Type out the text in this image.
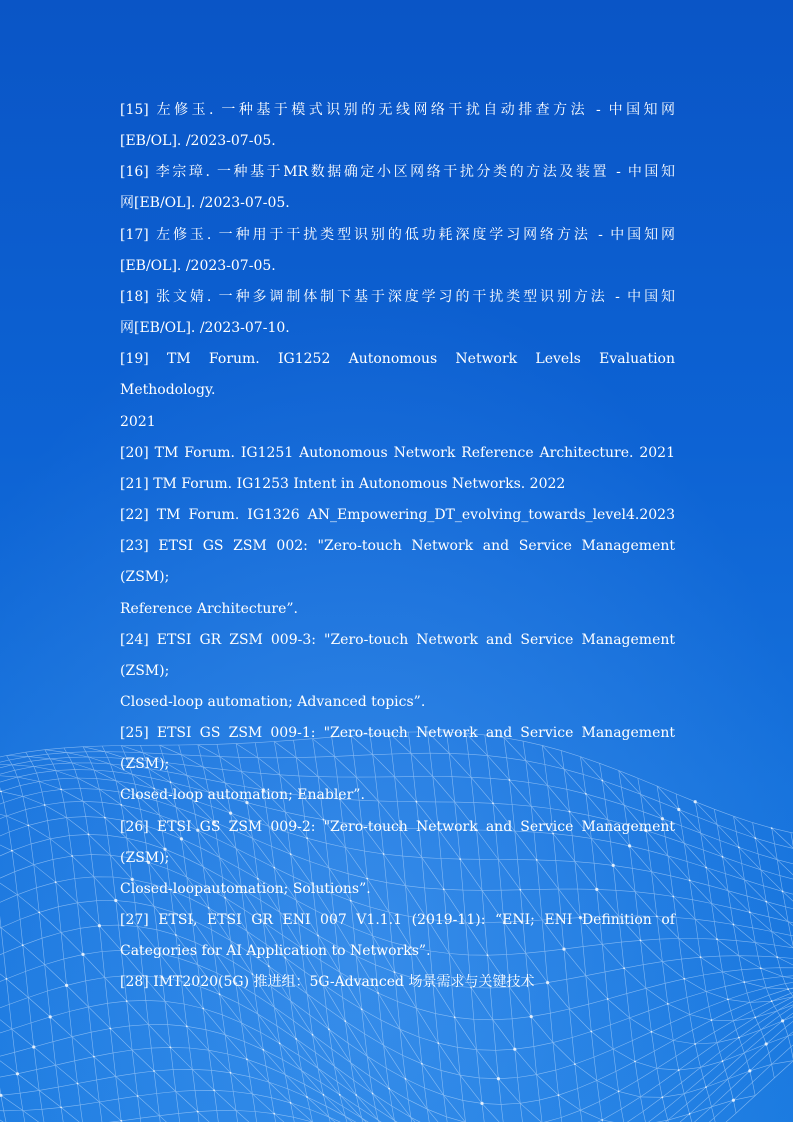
[15] 左修玉. 一种基于模式识别的无线网络干扰自动排查方法 - 中国知网
[EB/OL]. /2023-07-05.
[16] 李宗璋. 一种基于MR数据确定小区网络干扰分类的方法及装置 - 中国知
网[EB/OL]. /2023-07-05.
[17] 左修玉. 一种用于干扰类型识别的低功耗深度学习网络方法 - 中国知网
[EB/OL]. /2023-07-05.
[18] 张文婧. 一种多调制体制下基于深度学习的干扰类型识别方法 - 中国知
网[EB/OL]. /2023-07-10.
[19] TM Forum. IG1252 Autonomous Network Levels Evaluation Methodology.
2021
[20] TM Forum. IG1251 Autonomous Network Reference Architecture. 2021
[21] TM Forum. IG1253 Intent in Autonomous Networks. 2022
[22] TM Forum. IG1326 AN_Empowering_DT_evolving_towards_level4.2023
[23] ETSI GS ZSM 002: "Zero-touch Network and Service Management (ZSM);
Reference Architecture”.
[24] ETSI GR ZSM 009-3: "Zero-touch Network and Service Management (ZSM);
Closed-loop automation; Advanced topics”.
[25] ETSI GS ZSM 009-1: "Zero-touch Network and Service Management (ZSM);
Closed-loop automation; Enabler”.
[26] ETSI GS ZSM 009-2: "Zero-touch Network and Service Management (ZSM);
Closed-loopautomation; Solutions”.
[27] ETSI, ETSI GR ENI 007 V1.1.1 (2019-11): “ENI; ENI Definition of
Categories for AI Application to Networks”.
[28] IMT2020(5G) 推进组：5G-Advanced 场景需求与关键技术
